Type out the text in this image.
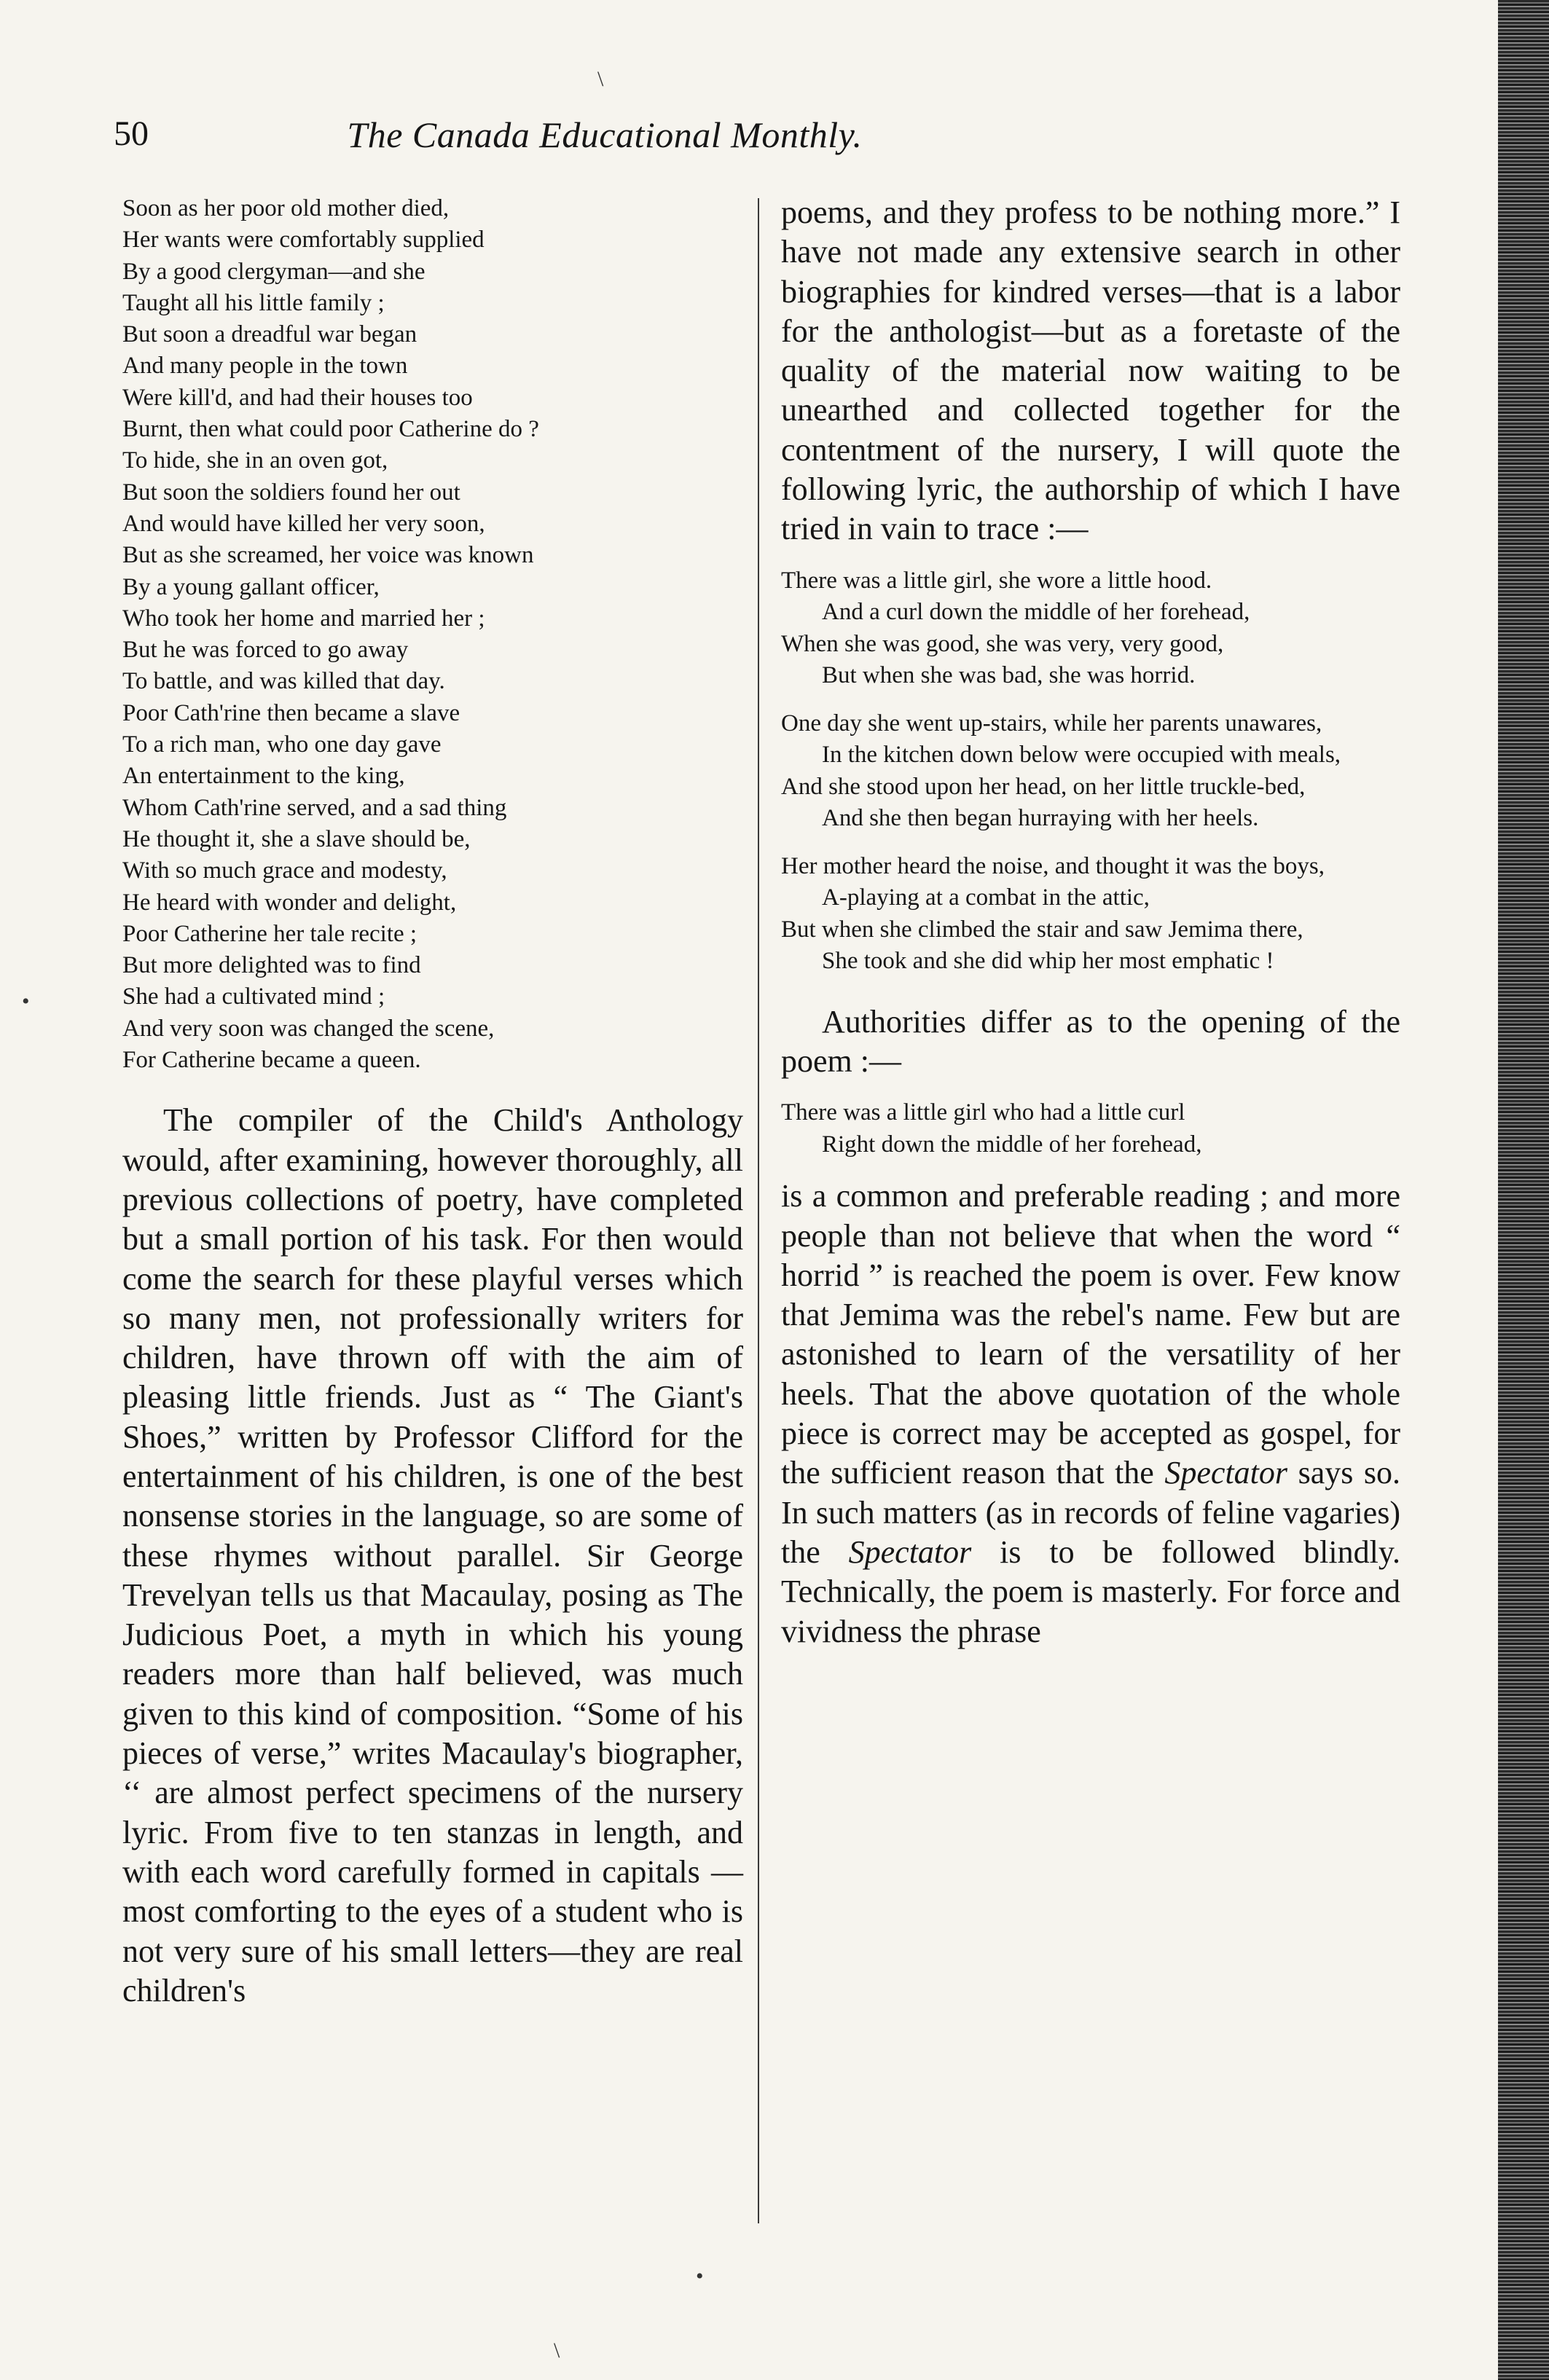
50	The Canada Educational Monthly.
Soon as her poor old mother died,
Her wants were comfortably supplied
By a good clergyman—and she
Taught all his little family ;
But soon a dreadful war began
And many people in the town
Were kill'd, and had their houses too
Burnt, then what could poor Catherine do ?
To hide, she in an oven got,
But soon the soldiers found her out
And would have killed her very soon,
But as she screamed, her voice was known
By a young gallant officer,
Who took her home and married her ;
But he was forced to go away
To battle, and was killed that day.
Poor Cath'rine then became a slave
To a rich man, who one day gave
An entertainment to the king,
Whom Cath'rine served, and a sad thing
He thought it, she a slave should be,
With so much grace and modesty,
He heard with wonder and delight,
Poor Catherine her tale recite ;
But more delighted was to find
She had a cultivated mind ;
And very soon was changed the scene,
For Catherine became a queen.

The compiler of the Child's Anthology would, after examining, however thoroughly, all previous collections of poetry, have completed but a small portion of his task. For then would come the search for these playful verses which so many men, not professionally writers for children, have thrown off with the aim of pleasing little friends. Just as “ The Giant's Shoes,” written by Professor Clifford for the entertainment of his children, is one of the best nonsense stories in the language, so are some of these rhymes without parallel. Sir George Trevelyan tells us that Macaulay, posing as The Judicious Poet, a myth in which his young readers more than half believed, was much given to this kind of composition. “Some of his pieces of verse,” writes Macaulay's biographer, ‘‘ are almost perfect specimens of the nursery lyric. From five to ten stanzas in length, and with each word carefully formed in capitals —most comforting to the eyes of a student who is not very sure of his small letters—they are real children's

poems, and they profess to be nothing more.” I have not made any extensive search in other biographies for kindred verses—that is a labor for the anthologist—but as a foretaste of the quality of the material now waiting to be unearthed and collected together for the contentment of the nursery, I will quote the following lyric, the authorship of which I have tried in vain to trace :—

There was a little girl, she wore a little hood.
And a curl down the middle of her forehead,
When she was good, she was very, very good,
But when she was bad, she was horrid.
One day she went up-stairs, while her parents unawares,
In the kitchen down below were occupied with meals,
And she stood upon her head, on her little truckle-bed,
And she then began hurraying with her heels.
Her mother heard the noise, and thought it was the boys,
A-playing at a combat in the attic,
But when she climbed the stair and saw Jemima there,
She took and she did whip her most emphatic !

Authorities differ as to the opening of the poem :—

There was a little girl who had a little curl
Right down the middle of her forehead,

is a common and preferable reading ; and more people than not believe that when the word “ horrid ” is reached the poem is over. Few know that Jemima was the rebel's name. Few but are astonished to learn of the versatility of her heels. That the above quotation of the whole piece is correct may be accepted as gospel, for the sufficient reason that the Spectator says so. In such matters (as in records of feline vagaries) the Spectator is to be followed blindly. Technically, the poem is masterly. For force and vividness the phrase

\
•
•
\
